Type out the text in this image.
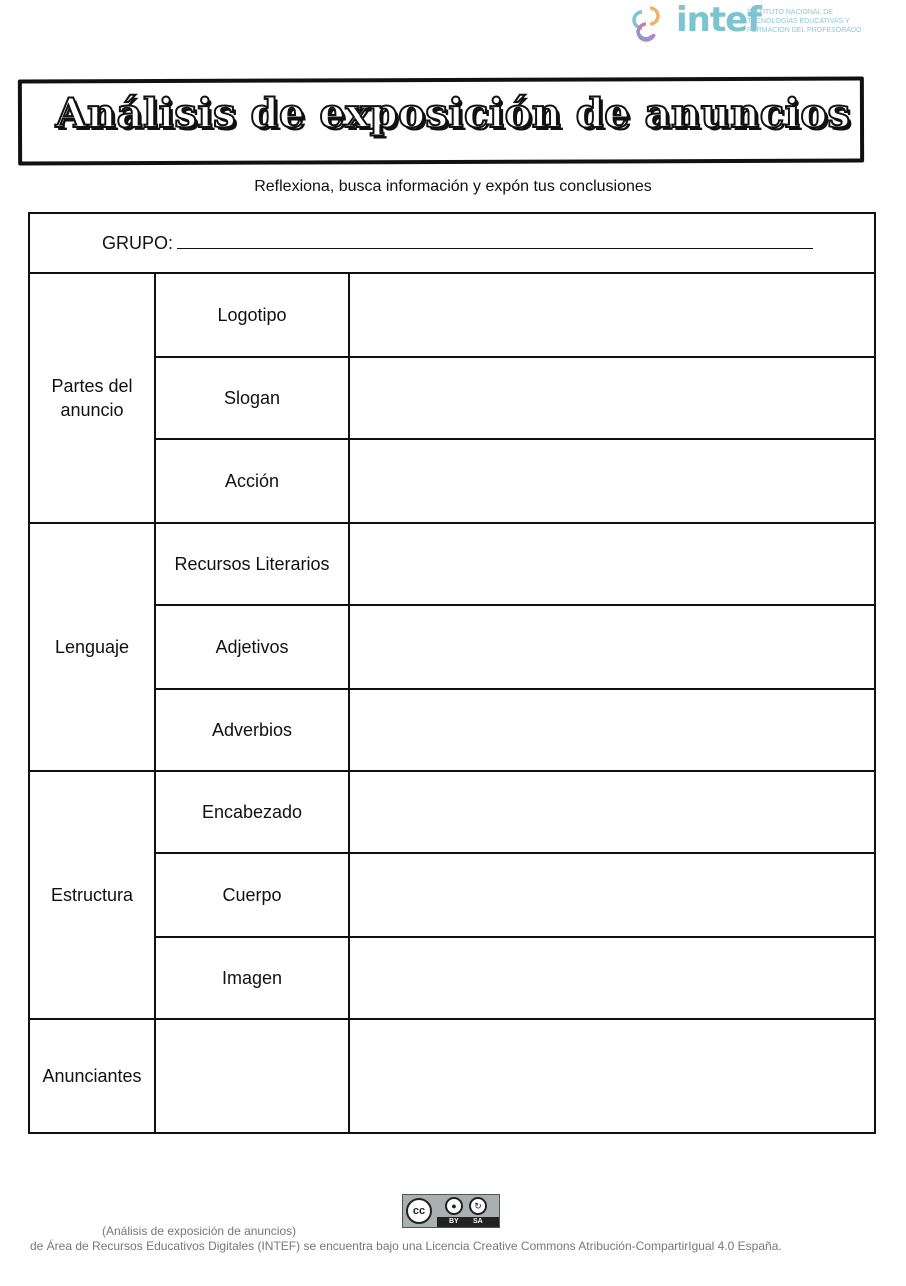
intef
INSTITUTO NACIONAL DE TECNOLOGÍAS EDUCATIVAS Y FORMACIÓN DEL PROFESORADO
Análisis de exposición de anuncios
Reflexiona, busca información y expón tus conclusiones
GRUPO:		
Partes del anuncio	Logotipo	
	Slogan	
	Acción	
Lenguaje	Recursos Literarios	
	Adjetivos	
	Adverbios	
Estructura	Encabezado	
	Cuerpo	
	Imagen	
Anunciantes		
cc	●	↻
BY SA
(Análisis de exposición de anuncios)
de Área de Recursos Educativos Digitales (INTEF) se encuentra bajo una Licencia Creative Commons Atribución-CompartirIgual 4.0 España.
